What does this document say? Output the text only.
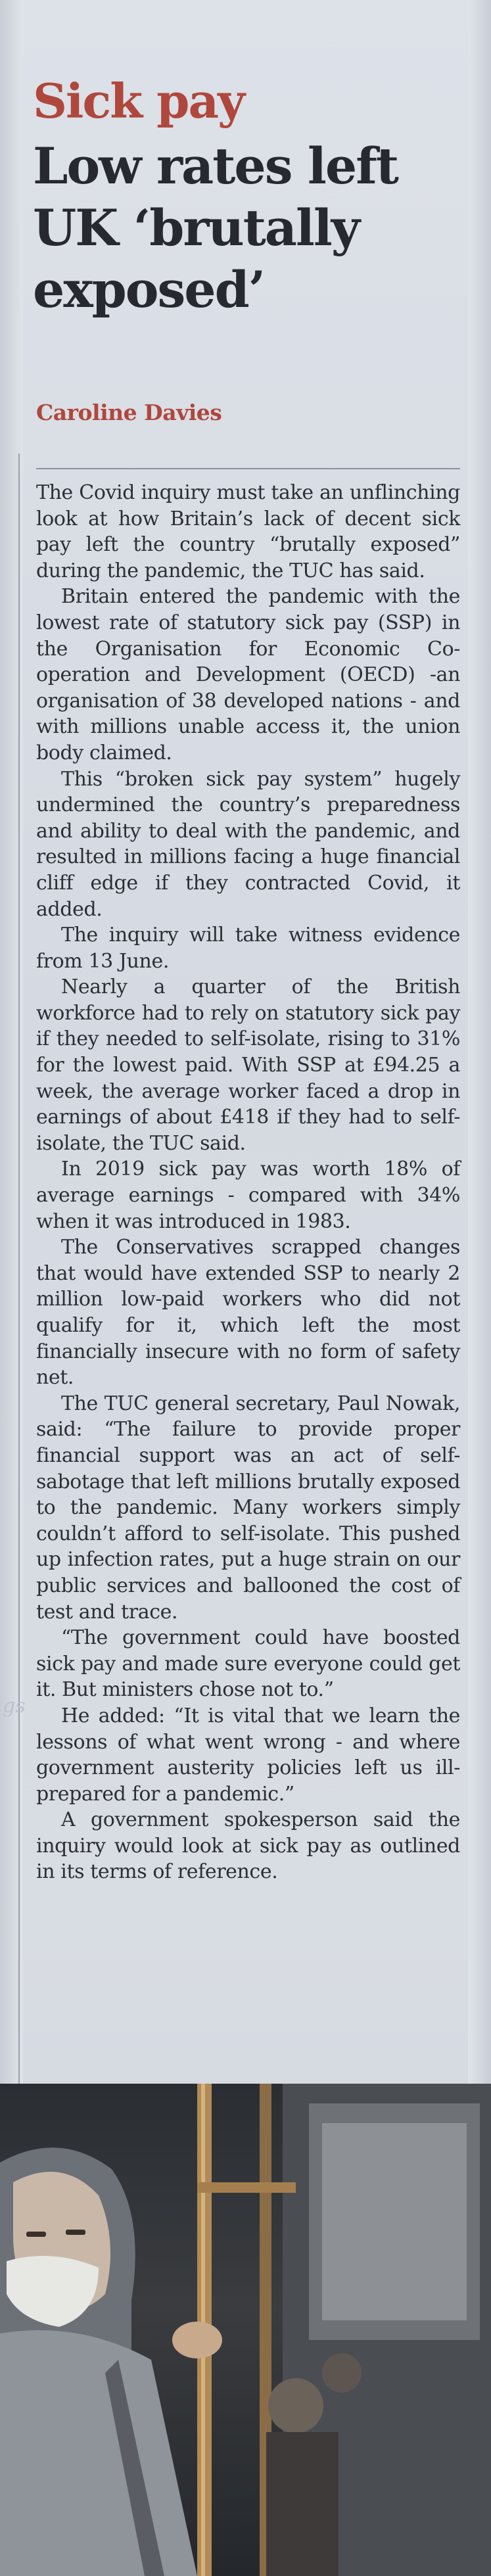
gs
Sick pay
Low rates left
UK ‘brutally
exposed’
Caroline Davies

The Covid inquiry must take an unflinching look at how Britain’s lack of decent sick pay left the country “brutally exposed” during the pandemic, the TUC has said.

Britain entered the pandemic with the lowest rate of statutory sick pay (SSP) in the Organisation for Economic Co-operation and Development (OECD) -an organisation of 38 developed nations - and with millions unable access it, the union body claimed.

This “broken sick pay system” hugely undermined the country’s preparedness and ability to deal with the pandemic, and resulted in millions facing a huge financial cliff edge if they contracted Covid, it added.

The inquiry will take witness evidence from 13 June.

Nearly a quarter of the British workforce had to rely on statutory sick pay if they needed to self-isolate, rising to 31% for the lowest paid. With SSP at £94.25 a week, the average worker faced a drop in earnings of about £418 if they had to self-isolate, the TUC said.

In 2019 sick pay was worth 18% of average earnings - compared with 34% when it was introduced in 1983.

The Conservatives scrapped changes that would have extended SSP to nearly 2 million low-paid workers who did not qualify for it, which left the most financially insecure with no form of safety net.

The TUC general secretary, Paul Nowak, said: “The failure to provide proper financial support was an act of self-sabotage that left millions brutally exposed to the pandemic. Many workers simply couldn’t afford to self-isolate. This pushed up infection rates, put a huge strain on our public services and ballooned the cost of test and trace.

“The government could have boosted sick pay and made sure everyone could get it. But ministers chose not to.”

He added: “It is vital that we learn the lessons of what went wrong - and where government austerity policies left us ill-prepared for a pandemic.”

A government spokesperson said the inquiry would look at sick pay as outlined in its terms of reference.
